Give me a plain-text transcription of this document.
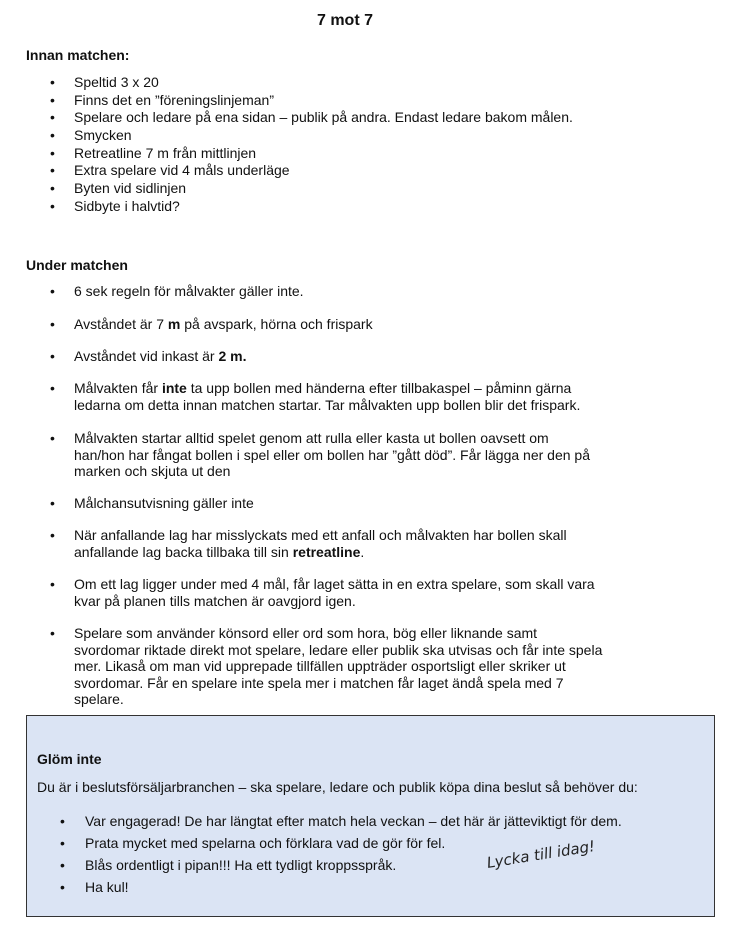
7 mot 7
Innan matchen:
• Speltid 3 x 20
• Finns det en ”föreningslinjeman”
• Spelare och ledare på ena sidan – publik på andra. Endast ledare bakom målen.
• Smycken
• Retreatline 7 m från mittlinjen
• Extra spelare vid 4 måls underläge
• Byten vid sidlinjen
• Sidbyte i halvtid?
Under matchen
• 6 sek regeln för målvakter gäller inte.
• Avståndet är 7 m på avspark, hörna och frispark
• Avståndet vid inkast är 2 m.
• Målvakten får inte ta upp bollen med händerna efter tillbakaspel – påminn gärna
ledarna om detta innan matchen startar. Tar målvakten upp bollen blir det frispark.
• Målvakten startar alltid spelet genom att rulla eller kasta ut bollen oavsett om
han/hon har fångat bollen i spel eller om bollen har ”gått död”. Får lägga ner den på
marken och skjuta ut den
• Målchansutvisning gäller inte
• När anfallande lag har misslyckats med ett anfall och målvakten har bollen skall
anfallande lag backa tillbaka till sin retreatline.
• Om ett lag ligger under med 4 mål, får laget sätta in en extra spelare, som skall vara
kvar på planen tills matchen är oavgjord igen.
• Spelare som använder könsord eller ord som hora, bög eller liknande samt
svordomar riktade direkt mot spelare, ledare eller publik ska utvisas och får inte spela
mer. Likaså om man vid upprepade tillfällen uppträder osportsligt eller skriker ut
svordomar. Får en spelare inte spela mer i matchen får laget ändå spela med 7
spelare.
Glöm inte
Du är i beslutsförsäljarbranchen – ska spelare, ledare och publik köpa dina beslut så behöver du:
• Var engagerad! De har längtat efter match hela veckan – det här är jätteviktigt för dem.
• Prata mycket med spelarna och förklara vad de gör för fel.
• Blås ordentligt i pipan!!! Ha ett tydligt kroppsspråk.
• Ha kul!
Lycka till idag!
